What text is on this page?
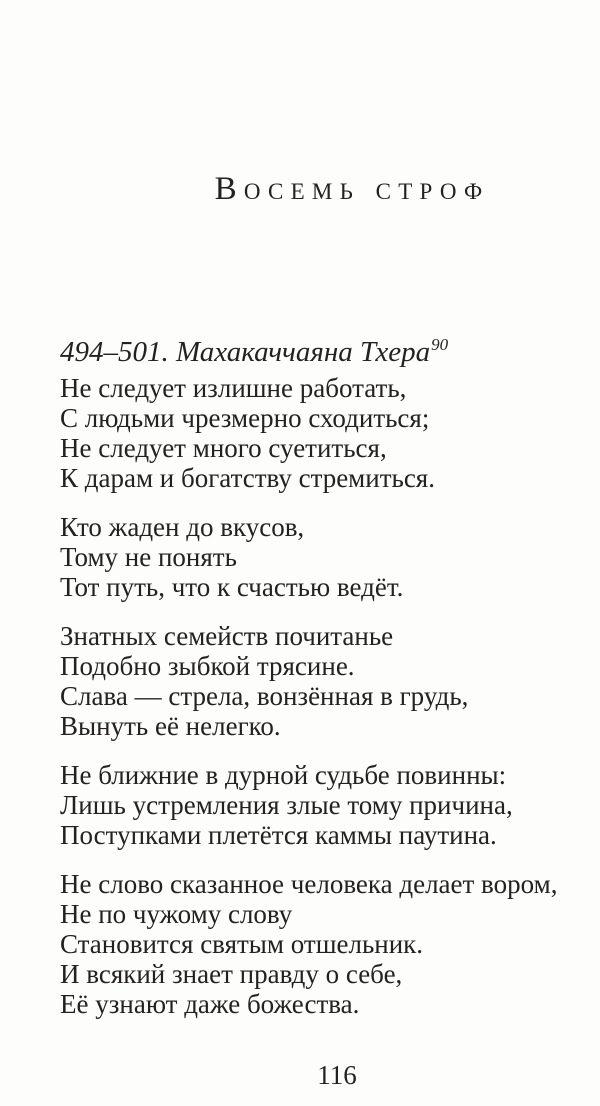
Восемь строф
494–501. Махакаччаяна Тхера$^{90}$
Не следует излишне работать,
С людьми чрезмерно сходиться;
Не следует много суетиться,
К дарам и богатству стремиться.
Кто жаден до вкусов,
Тому не понять
Тот путь, что к счастью ведёт.
Знатных семейств почитанье
Подобно зыбкой трясине.
Слава — стрела, вонзённая в грудь,
Вынуть её нелегко.
Не ближние в дурной судьбе повинны:
Лишь устремления злые тому причина,
Поступками плетётся каммы паутина.
Не слово сказанное человека делает вором,
Не по чужому слову
Становится святым отшельник.
И всякий знает правду о себе,
Её узнают даже божества.
116
